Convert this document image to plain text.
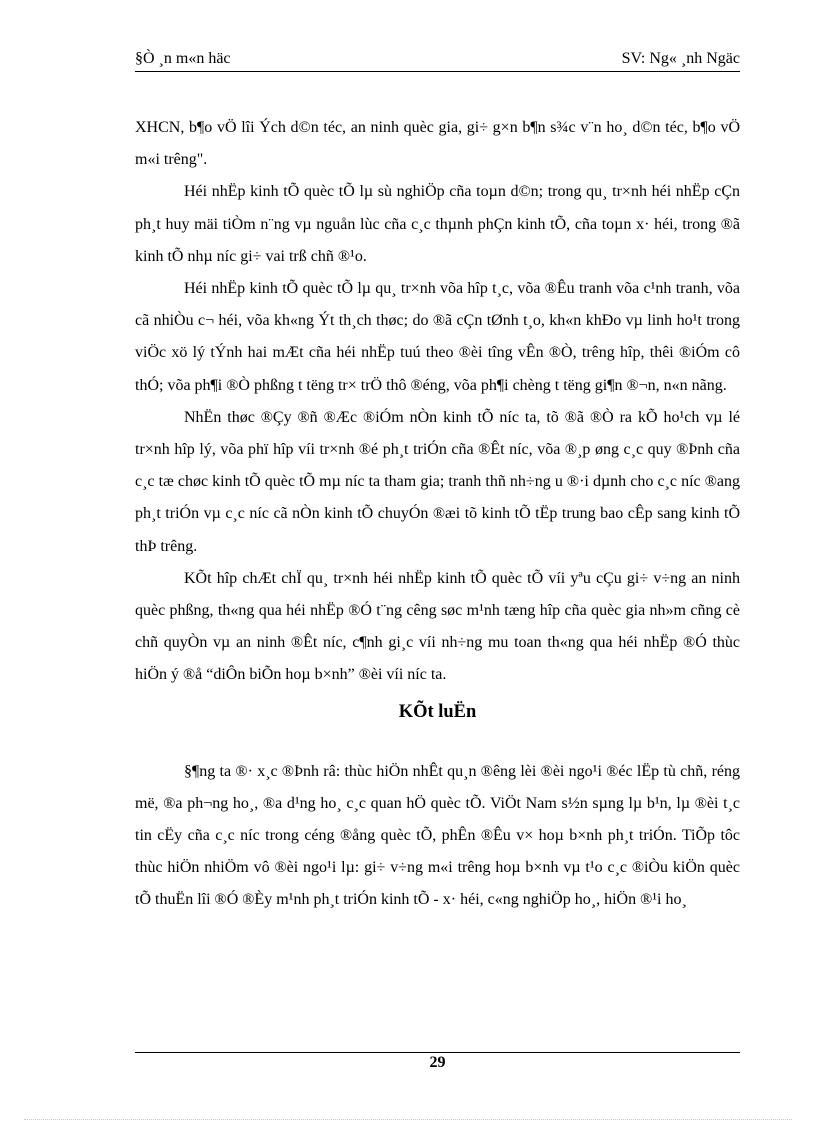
§Ò ¸n m«n häc	SV: Ng« ¸nh Ngäc

XHCN, b¶o vÖ lîi Ých d©n téc, an ninh quèc gia, gi÷ g×n b¶n s¾c v¨n ho¸ d©n téc, b¶o vÖ m«i trêng".

Héi nhËp kinh tÕ quèc tÕ lµ sù nghiÖp cña toµn d©n; trong qu¸ tr×nh héi nhËp cÇn ph¸t huy mäi tiÒm n¨ng vµ nguån lùc cña c¸c thµnh phÇn kinh tÕ, cña toµn x· héi, trong ®ã kinh tÕ nhµ níc gi÷ vai trß chñ ®¹o.

Héi nhËp kinh tÕ quèc tÕ lµ qu¸ tr×nh võa hîp t¸c, võa ®Êu tranh võa c¹nh tranh, võa cã nhiÒu c¬ héi, võa kh«ng Ýt th¸ch thøc; do ®ã cÇn tØnh t¸o, kh«n khÐo vµ linh ho¹t trong viÖc xö lý tÝnh hai mÆt cña héi nhËp tuú theo ®èi tîng vÊn ®Ò, trêng hîp, thêi ®iÓm cô thÓ; võa ph¶i ®Ò phßng t tëng tr× trÖ thô ®éng, võa ph¶i chèng t tëng gi¶n ®¬n, n«n nãng.

NhËn thøc ®Çy ®ñ ®Æc ®iÓm nÒn kinh tÕ níc ta, tõ ®ã ®Ò ra kÕ ho¹ch vµ lé tr×nh hîp lý, võa phï hîp víi tr×nh ®é ph¸t triÓn cña ®Êt níc, võa ®¸p øng c¸c quy ®Þnh cña c¸c tæ chøc kinh tÕ quèc tÕ mµ níc ta tham gia; tranh thñ nh÷ng u ®·i dµnh cho c¸c níc ®ang ph¸t triÓn vµ c¸c níc cã nÒn kinh tÕ chuyÓn ®æi tõ kinh tÕ tËp trung bao cÊp sang kinh tÕ thÞ trêng.

KÕt hîp chÆt chÏ qu¸ tr×nh héi nhËp kinh tÕ quèc tÕ víi yªu cÇu gi÷ v÷ng an ninh quèc phßng, th«ng qua héi nhËp ®Ó t¨ng cêng søc m¹nh tæng hîp cña quèc gia nh»m cñng cè chñ quyÒn vµ an ninh ®Êt níc, c¶nh gi¸c víi nh÷ng mu toan th«ng qua héi nhËp ®Ó thùc hiÖn ý ®å “diÔn biÕn hoµ b×nh” ®èi víi níc ta.

KÕt luËn

§¶ng ta ®· x¸c ®Þnh râ: thùc hiÖn nhÊt qu¸n ®êng lèi ®èi ngo¹i ®éc lËp tù chñ, réng më, ®a ph¬ng ho¸, ®a d¹ng ho¸ c¸c quan hÖ quèc tÕ. ViÖt Nam s½n sµng lµ b¹n, lµ ®èi t¸c tin cËy cña c¸c níc trong céng ®ång quèc tÕ, phÊn ®Êu v× hoµ b×nh ph¸t triÓn. TiÕp tôc thùc hiÖn nhiÖm vô ®èi ngo¹i lµ: gi÷ v÷ng m«i trêng hoµ b×nh vµ t¹o c¸c ®iÒu kiÖn quèc tÕ thuËn lîi ®Ó ®Èy m¹nh ph¸t triÓn kinh tÕ - x· héi, c«ng nghiÖp ho¸, hiÖn ®¹i ho¸

29
